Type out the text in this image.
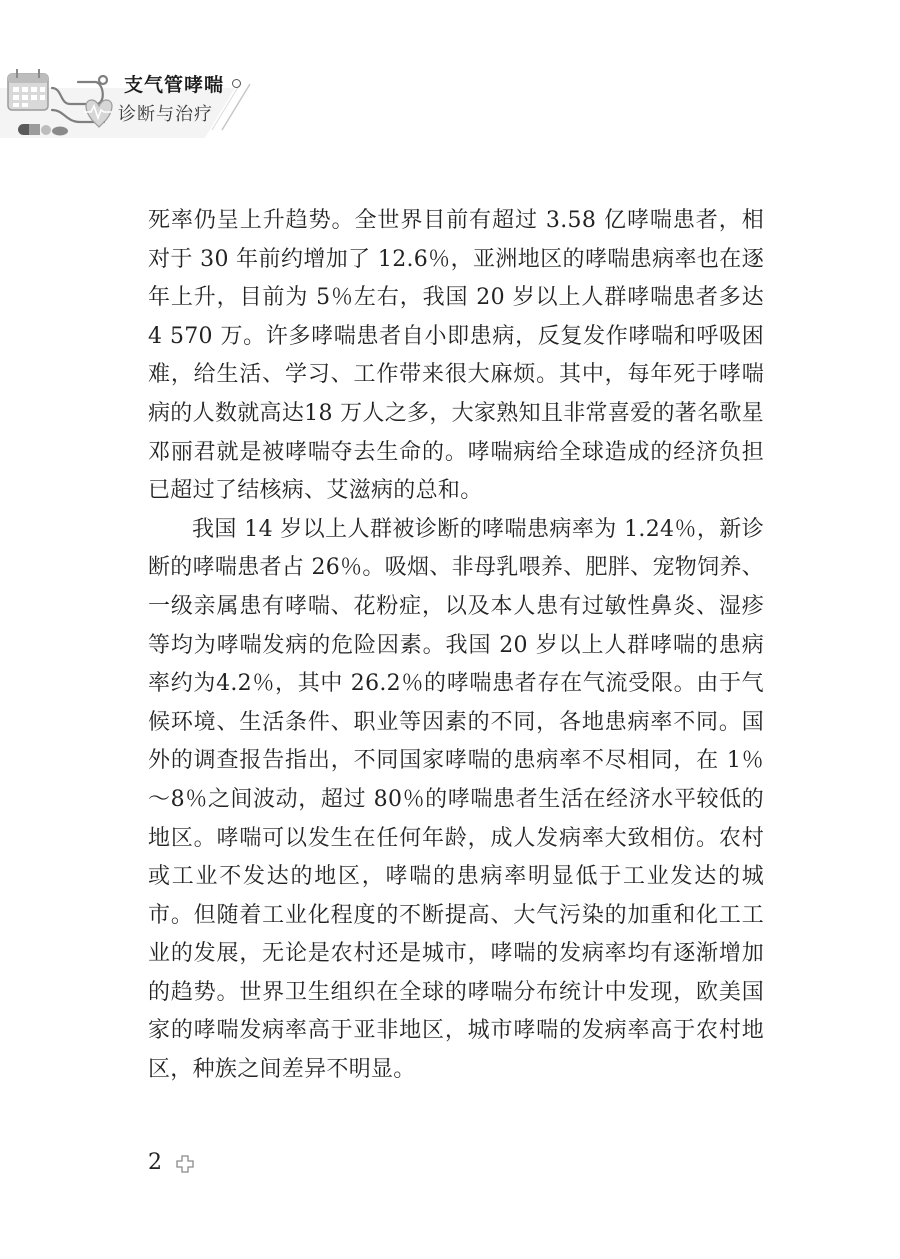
支气管哮喘
诊断与治疗

死率仍呈上升趋势。全世界目前有超过 3.58 亿哮喘患者，相对于 30 年前约增加了 12.6％，亚洲地区的哮喘患病率也在逐年上升，目前为 5％左右，我国 20 岁以上人群哮喘患者多达 4 570 万。许多哮喘患者自小即患病，反复发作哮喘和呼吸困难，给生活、学习、工作带来很大麻烦。其中，每年死于哮喘病的人数就高达18 万人之多，大家熟知且非常喜爱的著名歌星邓丽君就是被哮喘夺去生命的。哮喘病给全球造成的经济负担已超过了结核病、艾滋病的总和。

我国 14 岁以上人群被诊断的哮喘患病率为 1.24％，新诊断的哮喘患者占 26％。吸烟、非母乳喂养、肥胖、宠物饲养、一级亲属患有哮喘、花粉症，以及本人患有过敏性鼻炎、湿疹等均为哮喘发病的危险因素。我国 20 岁以上人群哮喘的患病率约为4.2％，其中 26.2％的哮喘患者存在气流受限。由于气候环境、生活条件、职业等因素的不同，各地患病率不同。国外的调查报告指出，不同国家哮喘的患病率不尽相同，在 1％～8％之间波动，超过 80％的哮喘患者生活在经济水平较低的地区。哮喘可以发生在任何年龄，成人发病率大致相仿。农村或工业不发达的地区，哮喘的患病率明显低于工业发达的城市。但随着工业化程度的不断提高、大气污染的加重和化工工业的发展，无论是农村还是城市，哮喘的发病率均有逐渐增加的趋势。世界卫生组织在全球的哮喘分布统计中发现，欧美国家的哮喘发病率高于亚非地区，城市哮喘的发病率高于农村地区，种族之间差异不明显。

2
